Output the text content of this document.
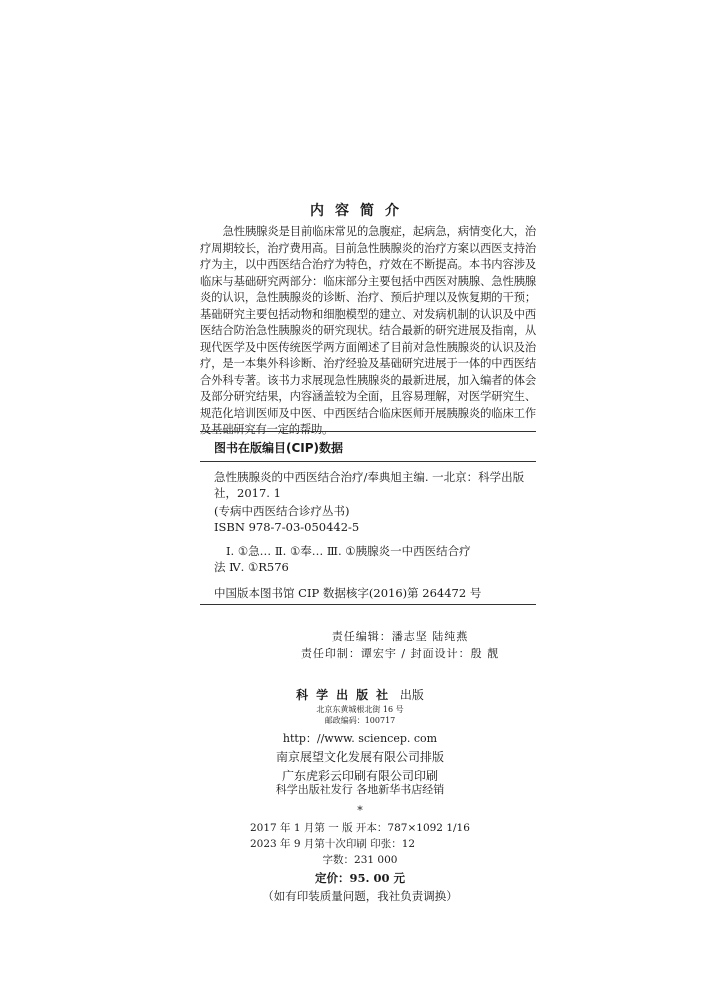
内容简介

急性胰腺炎是目前临床常见的急腹症，起病急，病情变化大，治疗周期较长，治疗费用高。目前急性胰腺炎的治疗方案以西医支持治疗为主，以中西医结合治疗为特色，疗效在不断提高。本书内容涉及临床与基础研究两部分：临床部分主要包括中西医对胰腺、急性胰腺炎的认识，急性胰腺炎的诊断、治疗、预后护理以及恢复期的干预；基础研究主要包括动物和细胞模型的建立、对发病机制的认识及中西医结合防治急性胰腺炎的研究现状。结合最新的研究进展及指南，从现代医学及中医传统医学两方面阐述了目前对急性胰腺炎的认识及治疗，是一本集外科诊断、治疗经验及基础研究进展于一体的中西医结合外科专著。该书力求展现急性胰腺炎的最新进展，加入编者的体会及部分研究结果，内容涵盖较为全面，且容易理解，对医学研究生、规范化培训医师及中医、中西医结合临床医师开展胰腺炎的临床工作及基础研究有一定的帮助。

图书在版编目(CIP)数据
急性胰腺炎的中西医结合治疗/奉典旭主编. 一北京：科学出版社，2017. 1
(专病中西医结合诊疗丛书)
ISBN 978-7-03-050442-5
Ⅰ. ①急… Ⅱ. ①奉… Ⅲ. ①胰腺炎一中西医结合疗
法 Ⅳ. ①R576
中国版本图书馆 CIP 数据核字(2016)第 264472 号
责任编辑：潘志坚 陆纯燕
责任印制：谭宏宇 / 封面设计：殷 靓
科学出版社 出版
北京东黄城根北街 16 号
邮政编码：100717
http：//www. sciencep. com
南京展望文化发展有限公司排版
广东虎彩云印刷有限公司印刷
科学出版社发行 各地新华书店经销
*
2017 年 1 月第 一 版 开本：787×1092 1/16
2023 年 9 月第十次印刷 印张：12
字数：231 000
定价：95. 00 元
（如有印装质量问题，我社负责调换）
